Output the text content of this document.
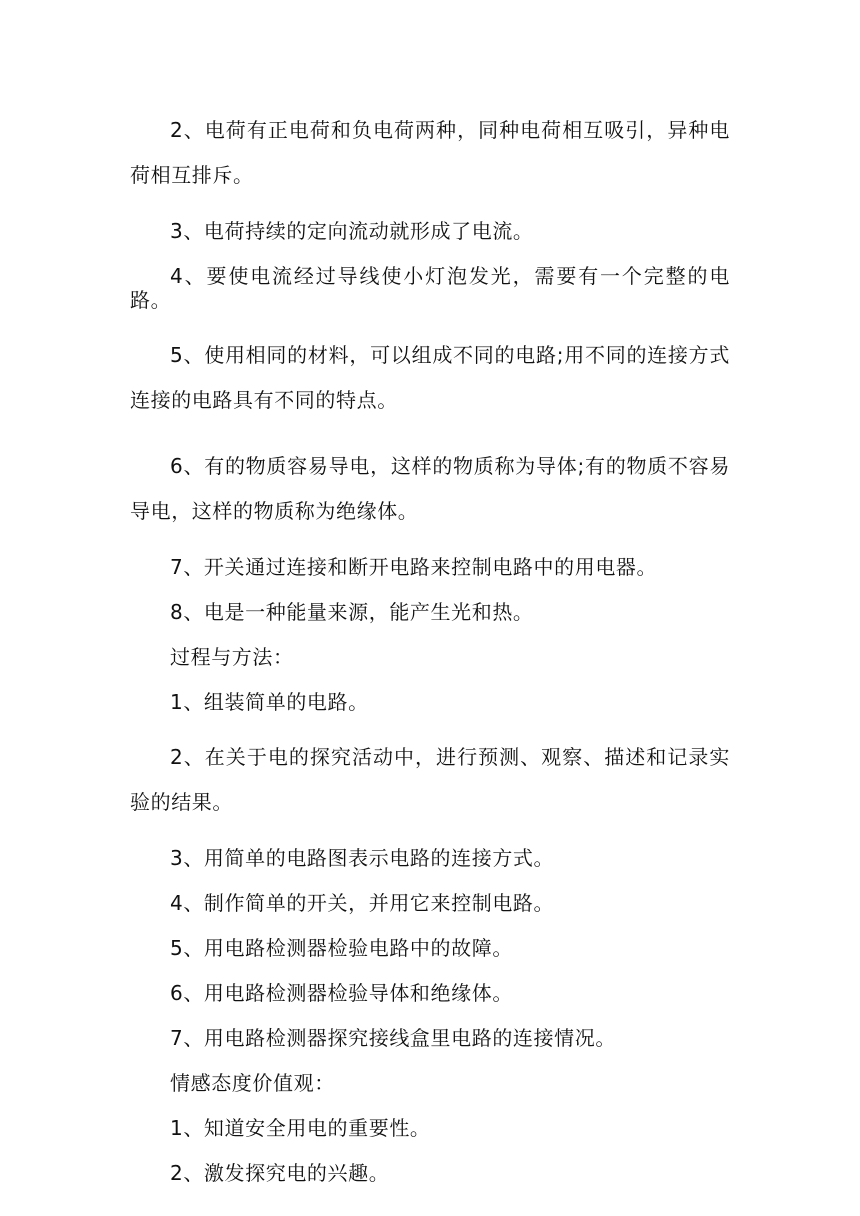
2、电荷有正电荷和负电荷两种，同种电荷相互吸引，异种电荷相互排斥。

3、电荷持续的定向流动就形成了电流。

4、要使电流经过导线使小灯泡发光，需要有一个完整的电路。

5、使用相同的材料，可以组成不同的电路;用不同的连接方式连接的电路具有不同的特点。

6、有的物质容易导电，这样的物质称为导体;有的物质不容易导电，这样的物质称为绝缘体。

7、开关通过连接和断开电路来控制电路中的用电器。

8、电是一种能量来源，能产生光和热。

过程与方法：

1、组装简单的电路。

2、在关于电的探究活动中，进行预测、观察、描述和记录实验的结果。

3、用简单的电路图表示电路的连接方式。

4、制作简单的开关，并用它来控制电路。

5、用电路检测器检验电路中的故障。

6、用电路检测器检验导体和绝缘体。

7、用电路检测器探究接线盒里电路的连接情况。

情感态度价值观：

1、知道安全用电的重要性。

2、激发探究电的兴趣。
